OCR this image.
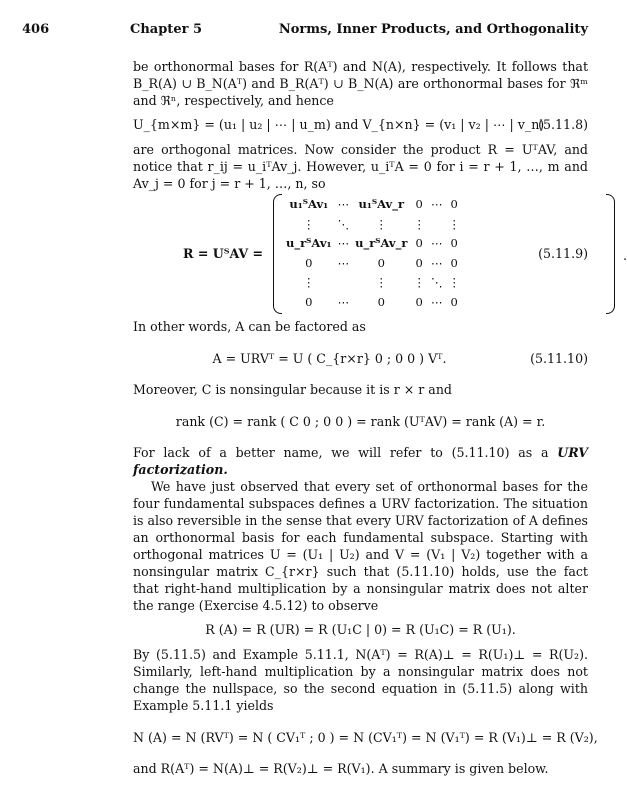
406	Chapter 5	Norms, Inner Products, and Orthogonality

be orthonormal bases for R(Aᵀ) and N(A), respectively. It follows that B_R(A) ∪ B_N(Aᵀ) and B_R(Aᵀ) ∪ B_N(A) are orthonormal bases for ℜᵐ and ℜⁿ, respectively, and hence

U_{m×m} = (u₁ | u₂ | ⋯ | u_m) and V_{n×n} = (v₁ | v₂ | ⋯ | v_n)
(5.11.8)

are orthogonal matrices. Now consider the product R = UᵀAV, and notice that r_ij = u_iᵀAv_j. However, u_iᵀA = 0 for i = r + 1, …, m and Av_j = 0 for j = r + 1, …, n, so

R = UᵀAV =
u₁ᵀAv₁	⋯	u₁ᵀAv_r	0	⋯	0
⋮	⋱	⋮	⋮		⋮
u_rᵀAv₁	⋯	u_rᵀAv_r	0	⋯	0
0	⋯	0	0	⋯	0
⋮		⋮	⋮	⋱	⋮
0	⋯	0	0	⋯	0
.
(5.11.9)

In other words, A can be factored as

A = URVᵀ = U ( C_{r×r} 0 ; 0 0 ) Vᵀ.	(5.11.10)

Moreover, C is nonsingular because it is r × r and

rank (C) = rank ( C 0 ; 0 0 ) = rank (UᵀAV) = rank (A) = r.

For lack of a better name, we will refer to (5.11.10) as a URV factorization.

We have just observed that every set of orthonormal bases for the four fundamental subspaces defines a URV factorization. The situation is also reversible in the sense that every URV factorization of A defines an orthonormal basis for each fundamental subspace. Starting with orthogonal matrices U = (U₁ | U₂) and V = (V₁ | V₂) together with a nonsingular matrix C_{r×r} such that (5.11.10) holds, use the fact that right-hand multiplication by a nonsingular matrix does not alter the range (Exercise 4.5.12) to observe

R (A) = R (UR) = R (U₁C | 0) = R (U₁C) = R (U₁).

By (5.11.5) and Example 5.11.1, N(Aᵀ) = R(A)⊥ = R(U₁)⊥ = R(U₂). Similarly, left-hand multiplication by a nonsingular matrix does not change the nullspace, so the second equation in (5.11.5) along with Example 5.11.1 yields

N (A) = N (RVᵀ) = N ( CV₁ᵀ ; 0 ) = N (CV₁ᵀ) = N (V₁ᵀ) = R (V₁)⊥ = R (V₂),

and R(Aᵀ) = N(A)⊥ = R(V₂)⊥ = R(V₁). A summary is given below.
